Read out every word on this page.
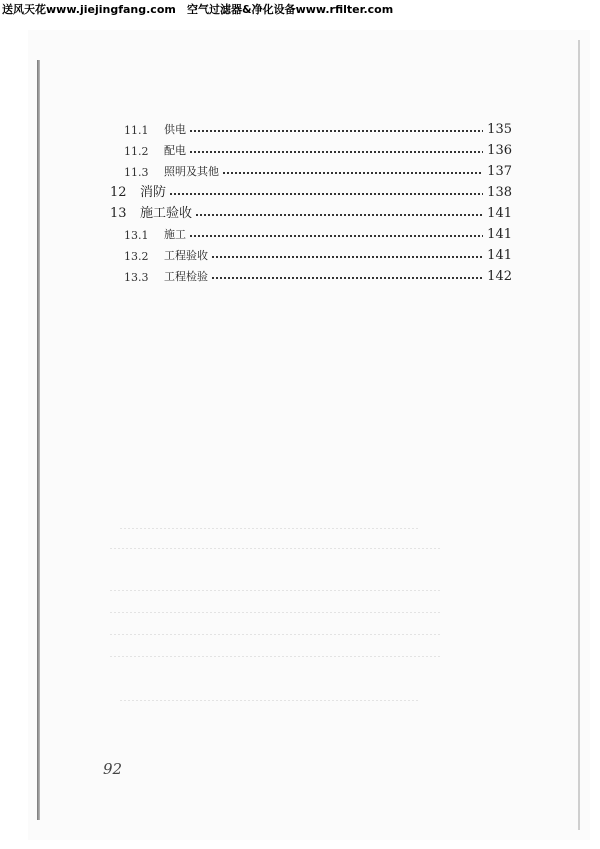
送风天花www.jiejingfang.com 空气过滤器&净化设备www.rfilter.com
11.1	供电	135
11.2	配电	136
11.3	照明及其他	137
12 消防	138
13 施工验收	141
13.1	施工	141
13.2	工程验收	141
13.3	工程检验	142
92
